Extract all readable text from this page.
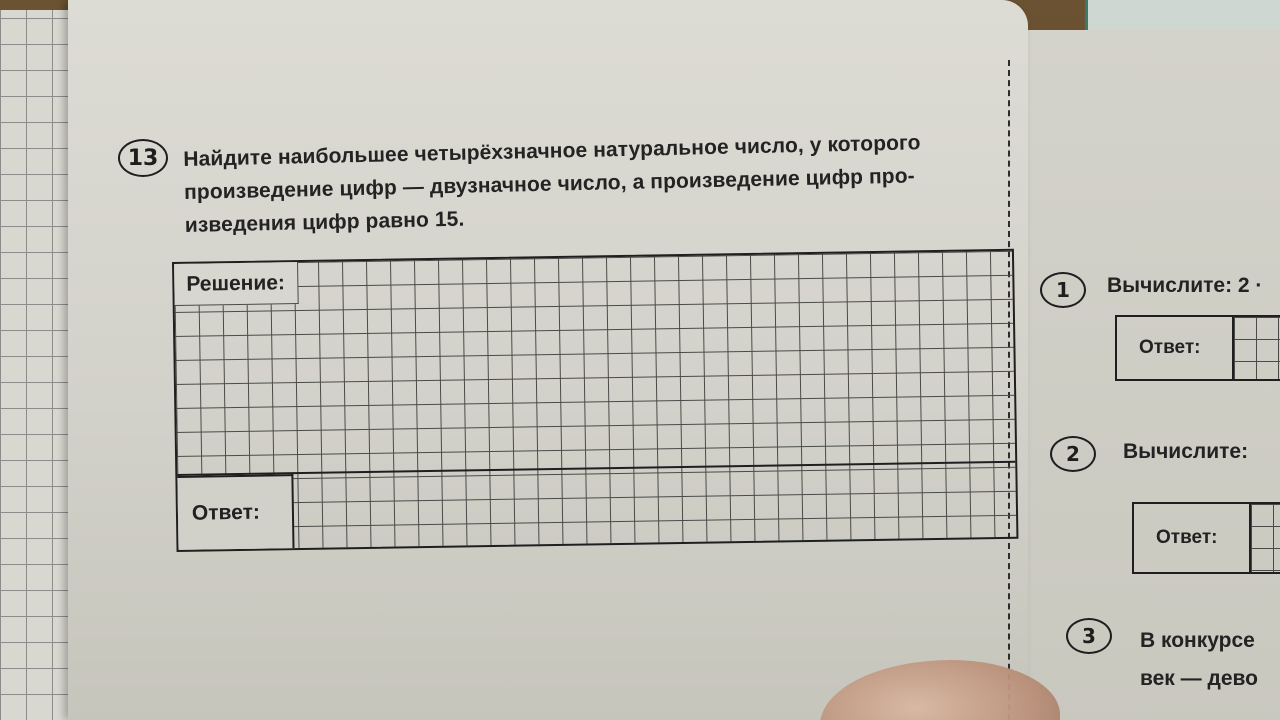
13	Найдите наибольшее четырёхзначное натуральное число, у которого
произведение цифр — двузначное число, а произведение цифр про-
изведения цифр равно 15.
Решение:
Ответ:
1	Вычислите: 2 ·
Ответ:
2	Вычислите:
Ответ:
3	В конкурсе
век — дево
